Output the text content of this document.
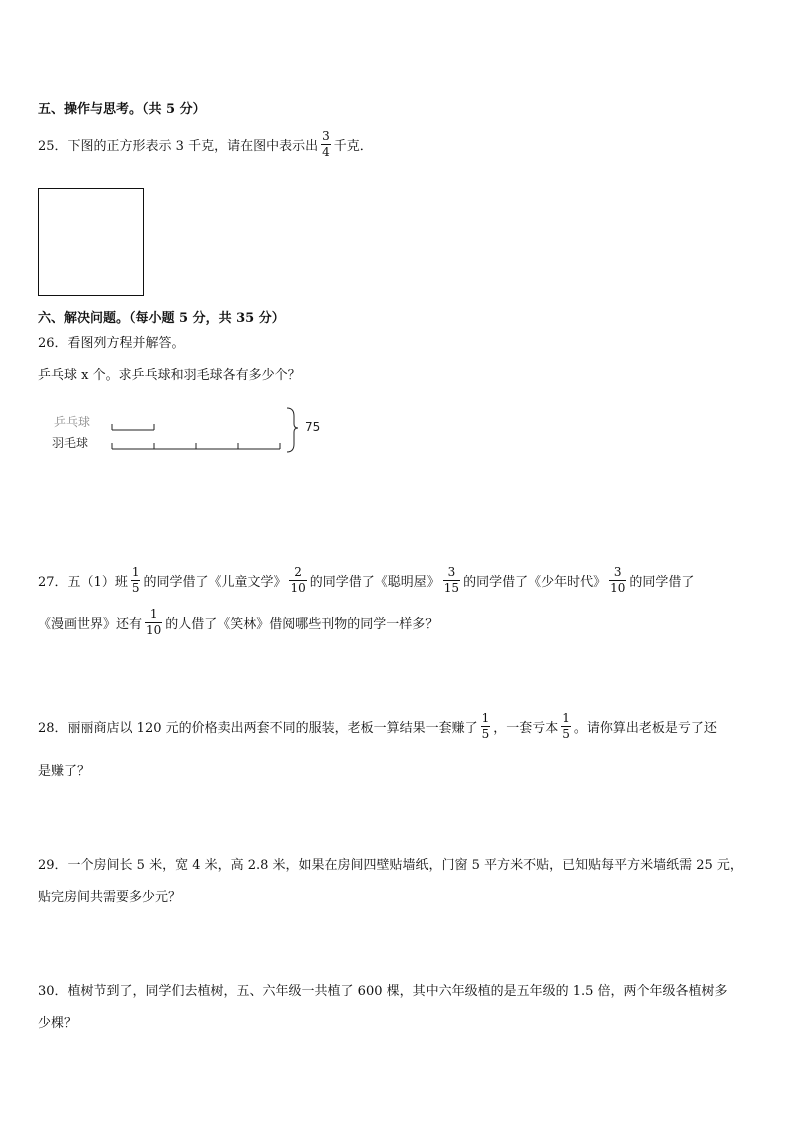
五、操作与思考。（共 5 分）
25．下图的正方形表示 3 千克，请在图中表示出 $\frac{3}{4}$ 千克．
六、解决问题。（每小题 5 分，共 35 分）
26．看图列方程并解答。
乒乓球 x 个。求乒乓球和羽毛球各有多少个？
乒乓球
羽毛球
75
27．五（1）班 $\frac{1}{5}$ 的同学借了《儿童文学》 $\frac{2}{10}$ 的同学借了《聪明屋》 $\frac{3}{15}$ 的同学借了《少年时代》 $\frac{3}{10}$ 的同学借了
《漫画世界》还有 $\frac{1}{10}$ 的人借了《笑林》借阅哪些刊物的同学一样多？
28．丽丽商店以 120 元的价格卖出两套不同的服装，老板一算结果一套赚了 $\frac{1}{5}$ ，一套亏本 $\frac{1}{5}$ 。请你算出老板是亏了还
是赚了？
29．一个房间长 5 米，宽 4 米，高 2.8 米，如果在房间四壁贴墙纸，门窗 5 平方米不贴，已知贴每平方米墙纸需 25 元，
贴完房间共需要多少元？
30．植树节到了，同学们去植树，五、六年级一共植了 600 棵，其中六年级植的是五年级的 1.5 倍，两个年级各植树多
少棵？
